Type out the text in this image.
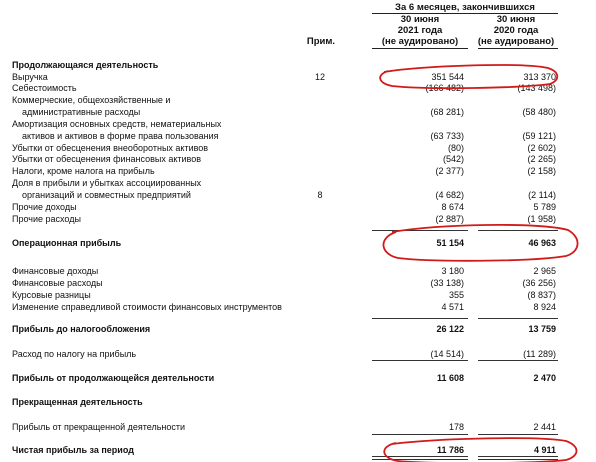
За 6 месяцев, закончившихся
30 июня
2021 года
(не аудировано)
30 июня
2020 года
(не аудировано)
Прим.
Продолжающаяся деятельность
Выручка	12	351 544	313 370
Себестоимость	(166 482)	(143 498)
Коммерческие, общехозяйственные и
административные расходы	(68 281)	(58 480)
Амортизация основных средств, нематериальных
активов и активов в форме права пользования	(63 733)	(59 121)
Убытки от обесценения внеоборотных активов	(80)	(2 602)
Убытки от обесценения финансовых активов	(542)	(2 265)
Налоги, кроме налога на прибыль	(2 377)	(2 158)
Доля в прибыли и убытках ассоциированных
организаций и совместных предприятий	8	(4 682)	(2 114)
Прочие доходы	8 674	5 789
Прочие расходы	(2 887)	(1 958)
Операционная прибыль	51 154	46 963
Финансовые доходы	3 180	2 965
Финансовые расходы	(33 138)	(36 256)
Курсовые разницы	355	(8 837)
Изменение справедливой стоимости финансовых инструментов	4 571	8 924
Прибыль до налогообложения	26 122	13 759
Расход по налогу на прибыль	(14 514)	(11 289)
Прибыль от продолжающейся деятельности	11 608	2 470
Прекращенная деятельность
Прибыль от прекращенной деятельности	178	2 441
Чистая прибыль за период	11 786	4 911
